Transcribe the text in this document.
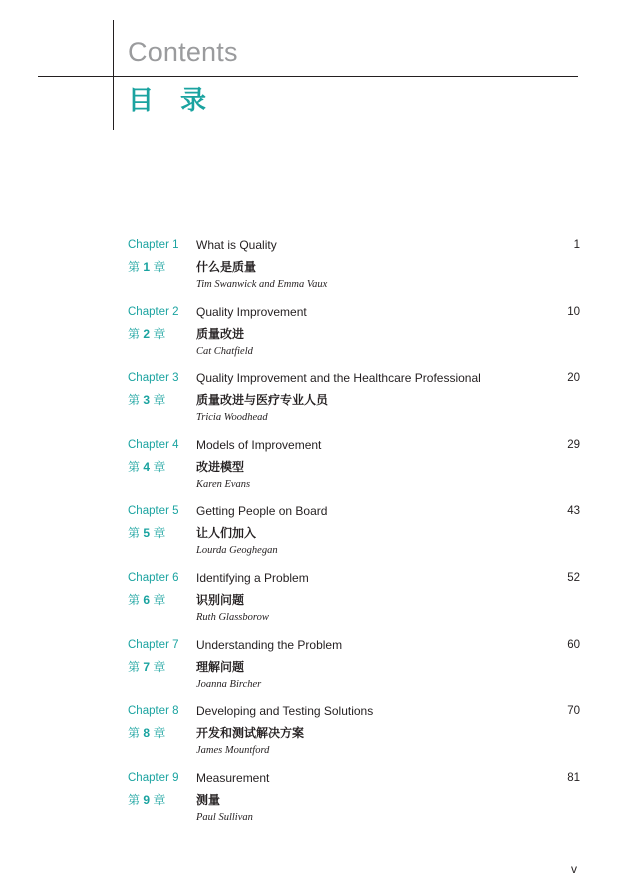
Contents
目录
Chapter 1 What is Quality	1
第 1 章	什么是质量
Tim Swanwick and Emma Vaux
Chapter 2 Quality Improvement	10
第 2 章	质量改进
Cat Chatfield
Chapter 3 Quality Improvement and the Healthcare Professional	20
第 3 章	质量改进与医疗专业人员
Tricia Woodhead
Chapter 4 Models of Improvement	29
第 4 章	改进模型
Karen Evans
Chapter 5 Getting People on Board	43
第 5 章	让人们加入
Lourda Geoghegan
Chapter 6 Identifying a Problem	52
第 6 章	识别问题
Ruth Glassborow
Chapter 7 Understanding the Problem	60
第 7 章	理解问题
Joanna Bircher
Chapter 8 Developing and Testing Solutions	70
第 8 章	开发和测试解决方案
James Mountford
Chapter 9 Measurement	81
第 9 章	测量
Paul Sullivan
v
